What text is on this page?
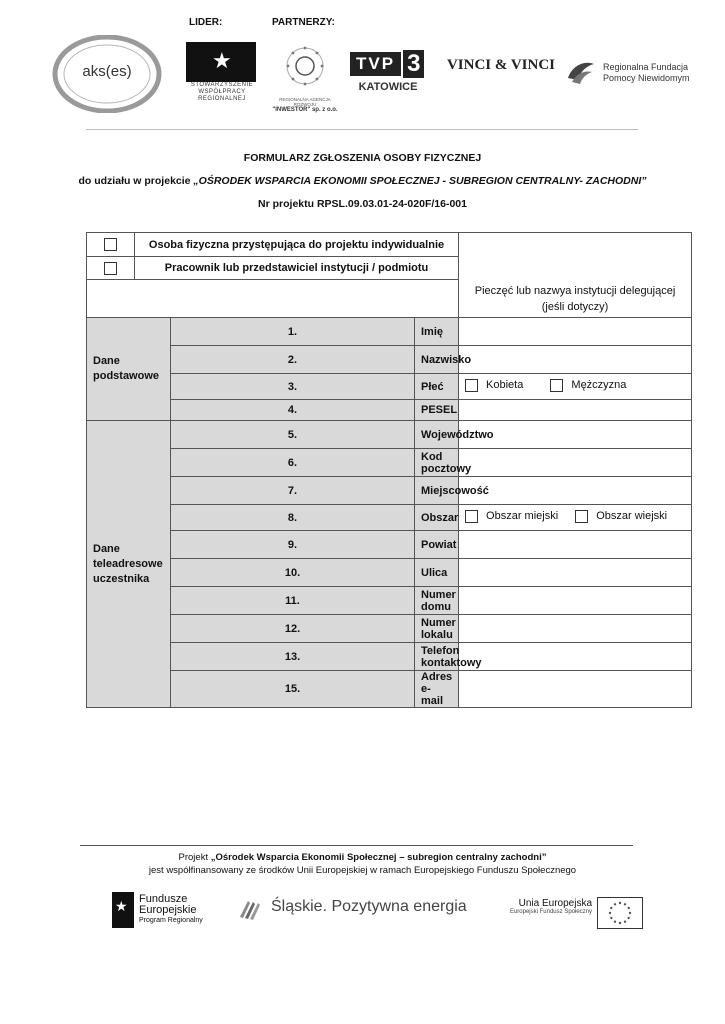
LIDER:	PARTNERZY:
aks(es)	★
STOWARZYSZENIE
WSPÓŁPRACY
REGIONALNEJ	REGIONALNA AGENCJA ROZWOJU
"INWESTOR" sp. z o.o.
TVP 3
KATOWICE
VINCI & VINCI	Regionalna Fundacja
Pomocy Niewidomym
FORMULARZ ZGŁOSZENIA OSOBY FIZYCZNEJ
do udziału w projekcie „OŚRODEK WSPARCIA EKONOMII SPOŁECZNEJ - SUBREGION CENTRALNY- ZACHODNI”
Nr projektu RPSL.09.03.01-24-020F/16-001
	Osoba fizyczna przystępująca do projektu indywidualnie			Pieczęć lub nazwya instytucji delegującej (jeśli dotyczy)
	Pracownik lub przedstawiciel instytucji / podmiotu			

Dane podstawowe		1.	Imię	
		2.	Nazwisko	
		3.	Płeć	Kobieta
Mężczyzna

		4.	PESEL	
Dane teleadresowe uczestnika		5.	Województwo	
		6.	Kod pocztowy	
		7.	Miejscowość	
		8.	Obszar	Obszar miejski
Obszar wiejski

		9.	Powiat	
		10.	Ulica	
		11.	Numer domu	
		12.	Numer lokalu	
		13.	Telefon kontaktowy	
		15.	Adres e-mail	
Projekt „Ośrodek Wsparcia Ekonomii Społecznej – subregion centralny zachodni”
jest współfinansowany ze środków Unii Europejskiej w ramach Europejskiego Funduszu Społecznego
★ Fundusze
Europejskie
Program Regionalny
Śląskie. Pozytywna energia	Unia Europejska
Europejski Fundusz Społeczny
